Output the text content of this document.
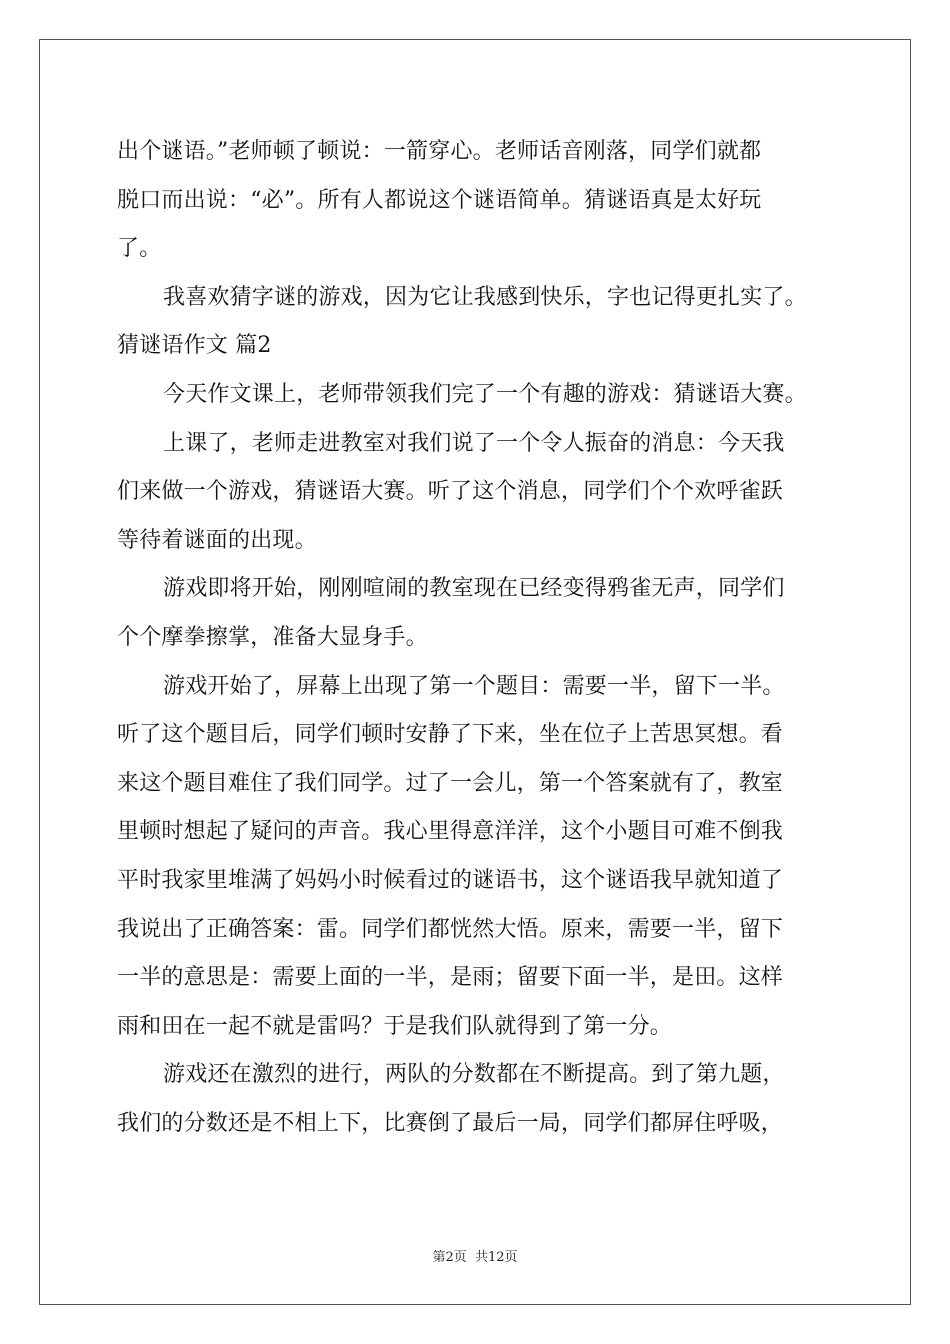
出个谜语。”老师顿了顿说：一箭穿心。老师话音刚落，同学们就都
脱口而出说：“必”。所有人都说这个谜语简单。猜谜语真是太好玩
了。
我喜欢猜字谜的游戏，因为它让我感到快乐，字也记得更扎实了。
猜谜语作文 篇2
今天作文课上，老师带领我们完了一个有趣的游戏：猜谜语大赛。
上课了，老师走进教室对我们说了一个令人振奋的消息：今天我
们来做一个游戏，猜谜语大赛。听了这个消息，同学们个个欢呼雀跃
等待着谜面的出现。
游戏即将开始，刚刚喧闹的教室现在已经变得鸦雀无声，同学们
个个摩拳擦掌，准备大显身手。
游戏开始了，屏幕上出现了第一个题目：需要一半，留下一半。
听了这个题目后，同学们顿时安静了下来，坐在位子上苦思冥想。看
来这个题目难住了我们同学。过了一会儿，第一个答案就有了，教室
里顿时想起了疑问的声音。我心里得意洋洋，这个小题目可难不倒我
平时我家里堆满了妈妈小时候看过的谜语书，这个谜语我早就知道了
我说出了正确答案：雷。同学们都恍然大悟。原来，需要一半，留下
一半的意思是：需要上面的一半，是雨；留要下面一半，是田。这样
雨和田在一起不就是雷吗？于是我们队就得到了第一分。
游戏还在激烈的进行，两队的分数都在不断提高。到了第九题，
我们的分数还是不相上下，比赛倒了最后一局，同学们都屏住呼吸，
第2页 共12页
